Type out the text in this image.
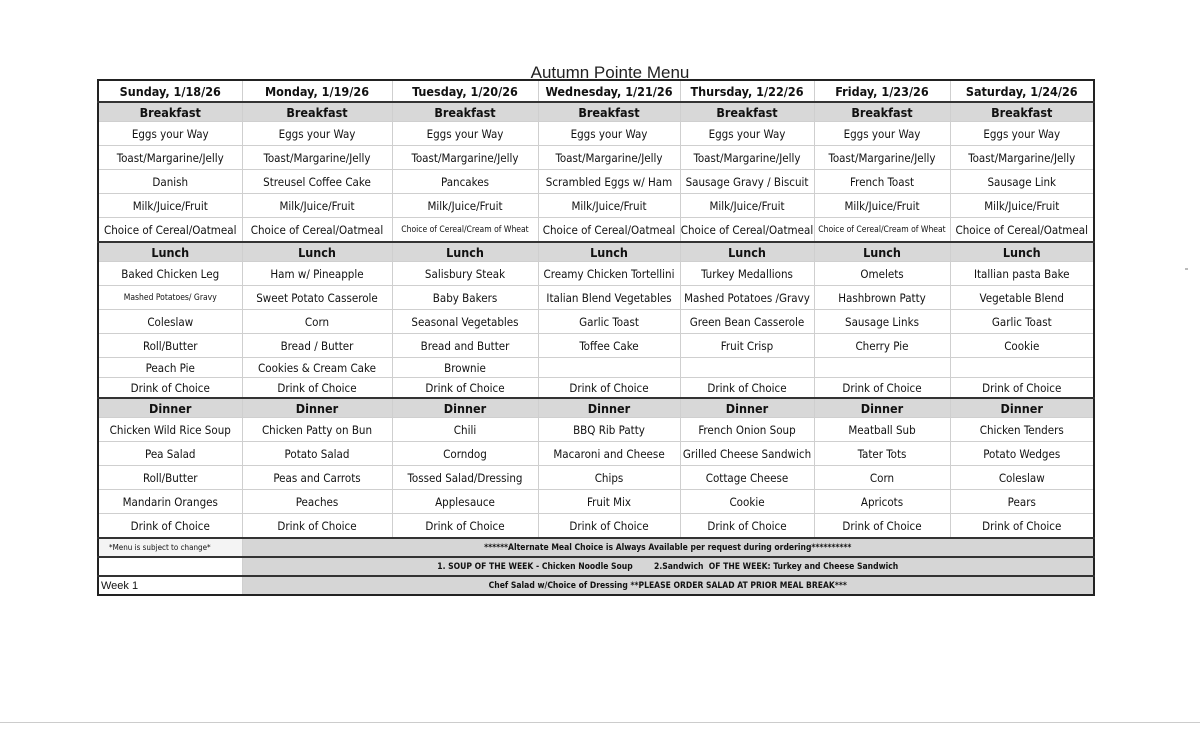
Autumn Pointe Menu
Sunday, 1/18/26	Monday, 1/19/26	Tuesday, 1/20/26	Wednesday, 1/21/26	Thursday, 1/22/26	Friday, 1/23/26	Saturday, 1/24/26
Breakfast	Breakfast	Breakfast	Breakfast	Breakfast	Breakfast	Breakfast
Eggs your Way	Eggs your Way	Eggs your Way	Eggs your Way	Eggs your Way	Eggs your Way	Eggs your Way
Toast/Margarine/Jelly	Toast/Margarine/Jelly	Toast/Margarine/Jelly	Toast/Margarine/Jelly	Toast/Margarine/Jelly	Toast/Margarine/Jelly	Toast/Margarine/Jelly
Danish	Streusel Coffee Cake	Pancakes	Scrambled Eggs w/ Ham	Sausage Gravy / Biscuit	French Toast	Sausage Link
Milk/Juice/Fruit	Milk/Juice/Fruit	Milk/Juice/Fruit	Milk/Juice/Fruit	Milk/Juice/Fruit	Milk/Juice/Fruit	Milk/Juice/Fruit
Choice of Cereal/Oatmeal	Choice of Cereal/Oatmeal	Choice of Cereal/Cream of Wheat	Choice of Cereal/Oatmeal	Choice of Cereal/Oatmeal	Choice of Cereal/Cream of Wheat	Choice of Cereal/Oatmeal
Lunch	Lunch	Lunch	Lunch	Lunch	Lunch	Lunch
Baked Chicken Leg	Ham w/ Pineapple	Salisbury Steak	Creamy Chicken Tortellini	Turkey Medallions	Omelets	Itallian pasta Bake
Mashed Potatoes/ Gravy	Sweet Potato Casserole	Baby Bakers	Italian Blend Vegetables	Mashed Potatoes /Gravy	Hashbrown Patty	Vegetable Blend
Coleslaw	Corn	Seasonal Vegetables	Garlic Toast	Green Bean Casserole	Sausage Links	Garlic Toast
Roll/Butter	Bread / Butter	Bread and Butter	Toffee Cake	Fruit Crisp	Cherry Pie	Cookie
Peach Pie	Cookies & Cream Cake	Brownie				
Drink of Choice	Drink of Choice	Drink of Choice	Drink of Choice	Drink of Choice	Drink of Choice	Drink of Choice
Dinner	Dinner	Dinner	Dinner	Dinner	Dinner	Dinner
Chicken Wild Rice Soup	Chicken Patty on Bun	Chili	BBQ Rib Patty	French Onion Soup	Meatball Sub	Chicken Tenders
Pea Salad	Potato Salad	Corndog	Macaroni and Cheese	Grilled Cheese Sandwich	Tater Tots	Potato Wedges
Roll/Butter	Peas and Carrots	Tossed Salad/Dressing	Chips	Cottage Cheese	Corn	Coleslaw
Mandarin Oranges	Peaches	Applesauce	Fruit Mix	Cookie	Apricots	Pears
Drink of Choice	Drink of Choice	Drink of Choice	Drink of Choice	Drink of Choice	Drink of Choice	Drink of Choice
*Menu is subject to change*	******Alternate Meal Choice is Always Available per request during ordering**********					
	1. SOUP OF THE WEEK - Chicken Noodle Soup        2.Sandwich  OF THE WEEK: Turkey and Cheese Sandwich					
Week 1	Chef Salad w/Choice of Dressing **PLEASE ORDER SALAD AT PRIOR MEAL BREAK***					
